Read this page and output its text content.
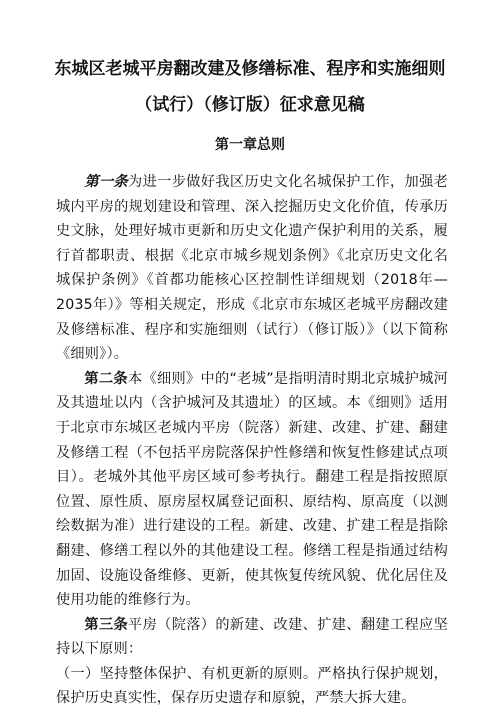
东城区老城平房翻改建及修缮标准、程序和实施细则
（试行）（修订版）征求意见稿
第一章总则

第一条为进一步做好我区历史文化名城保护工作，加强老城内平房的规划建设和管理、深入挖掘历史文化价值，传承历史文脉，处理好城市更新和历史文化遗产保护利用的关系，履行首都职责、根据《北京市城乡规划条例》《北京历史文化名城保护条例》《首都功能核心区控制性详细规划（2018年—2035年）》等相关规定，形成《北京市东城区老城平房翻改建及修缮标准、程序和实施细则（试行）（修订版）》（以下简称《细则》）。

第二条本《细则》中的“老城”是指明清时期北京城护城河及其遗址以内（含护城河及其遗址）的区域。本《细则》适用于北京市东城区老城内平房（院落）新建、改建、扩建、翻建及修缮工程（不包括平房院落保护性修缮和恢复性修建试点项目）。老城外其他平房区域可参考执行。翻建工程是指按照原位置、原性质、原房屋权属登记面积、原结构、原高度（以测绘数据为准）进行建设的工程。新建、改建、扩建工程是指除翻建、修缮工程以外的其他建设工程。修缮工程是指通过结构加固、设施设备维修、更新，使其恢复传统风貌、优化居住及使用功能的维修行为。

第三条平房（院落）的新建、改建、扩建、翻建工程应坚持以下原则：

（一）坚持整体保护、有机更新的原则。严格执行保护规划，保护历史真实性，保存历史遗存和原貌，严禁大拆大建。
